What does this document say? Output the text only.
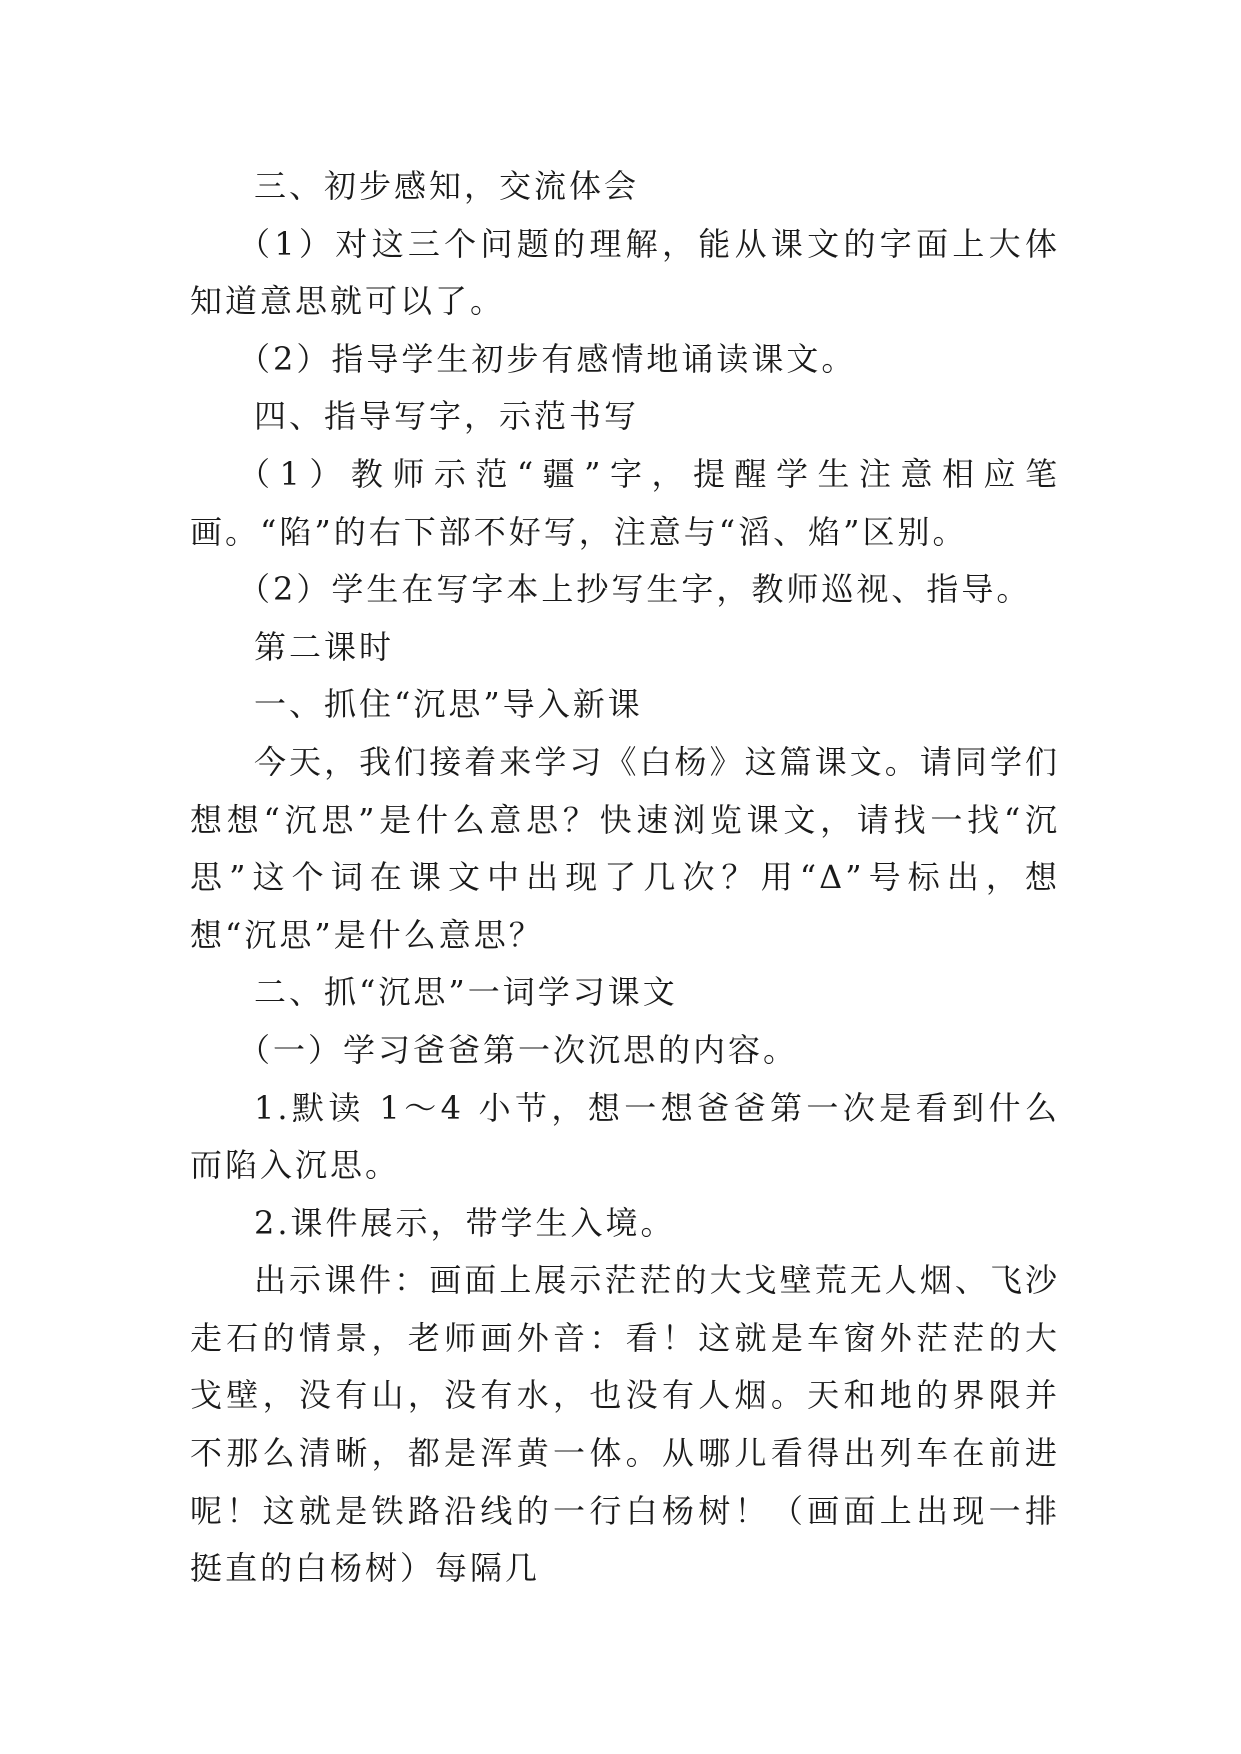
三、初步感知，交流体会

（1）对这三个问题的理解，能从课文的字面上大体知道意思就可以了。

（2）指导学生初步有感情地诵读课文。

四、指导写字，示范书写

（1）教师示范“疆”字，提醒学生注意相应笔画。“陷”的右下部不好写，注意与“滔、焰”区别。

（2）学生在写字本上抄写生字，教师巡视、指导。

第二课时

一、抓住“沉思”导入新课

今天，我们接着来学习《白杨》这篇课文。请同学们想想“沉思”是什么意思？快速浏览课文，请找一找“沉思”这个词在课文中出现了几次？用“Δ”号标出，想想“沉思”是什么意思？

二、抓“沉思”一词学习课文

（一）学习爸爸第一次沉思的内容。

1.默读 1～4 小节，想一想爸爸第一次是看到什么而陷入沉思。

2.课件展示，带学生入境。

出示课件：画面上展示茫茫的大戈壁荒无人烟、飞沙走石的情景，老师画外音：看！这就是车窗外茫茫的大戈壁，没有山，没有水，也没有人烟。天和地的界限并不那么清晰，都是浑黄一体。从哪儿看得出列车在前进呢！这就是铁路沿线的一行白杨树！（画面上出现一排挺直的白杨树）每隔几
